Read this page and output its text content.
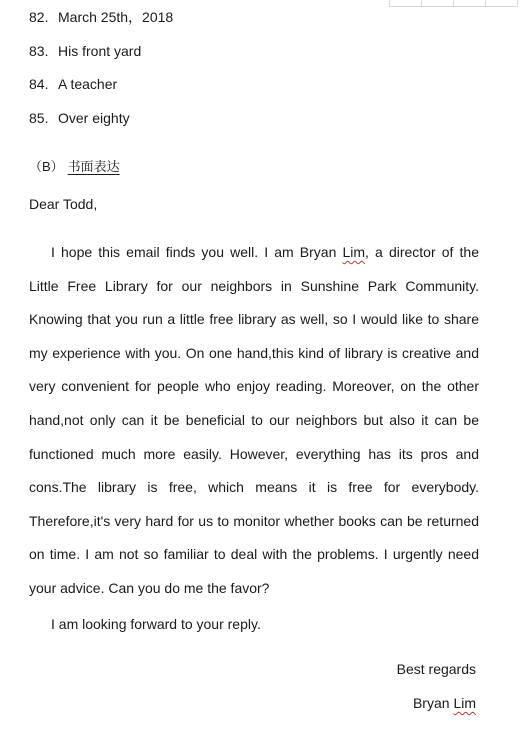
82. March 25th，2018
83. His front yard
84. A teacher
85. Over eighty
（B） 书面表达
Dear Todd,

I hope this email finds you well. I am Bryan Lim, a director of the Little Free Library for our neighbors in Sunshine Park Community. Knowing that you run a little free library as well, so I would like to share my experience with you. On one hand,this kind of library is creative and very convenient for people who enjoy reading. Moreover, on the other hand,not only can it be beneficial to our neighbors but also it can be functioned much more easily. However, everything has its pros and cons.The library is free, which means it is free for everybody. Therefore,it's very hard for us to monitor whether books can be returned on time. I am not so familiar to deal with the problems. I urgently need your advice. Can you do me the favor?

I am looking forward to your reply.
Best regards
Bryan Lim
